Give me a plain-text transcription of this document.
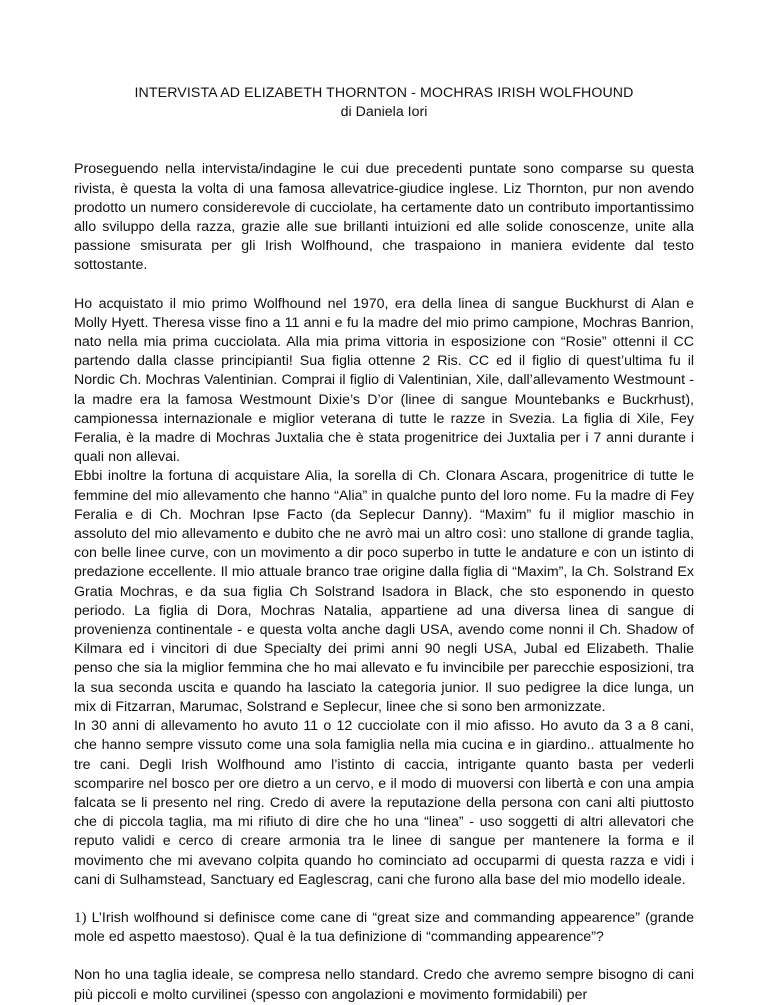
INTERVISTA AD ELIZABETH THORNTON - MOCHRAS IRISH WOLFHOUND

di Daniela Iori

Proseguendo nella intervista/indagine le cui due precedenti puntate sono comparse su questa rivista, è questa la volta di una famosa allevatrice-giudice inglese. Liz Thornton, pur non avendo prodotto un numero considerevole di cucciolate, ha certamente dato un contributo importantissimo allo sviluppo della razza, grazie alle sue brillanti intuizioni ed alle solide conoscenze, unite alla passione smisurata per gli Irish Wolfhound, che traspaiono in maniera evidente dal testo sottostante.

Ho acquistato il mio primo Wolfhound nel 1970, era della linea di sangue Buckhurst di Alan e Molly Hyett. Theresa visse fino a 11 anni e fu la madre del mio primo campione, Mochras Banrion, nato nella mia prima cucciolata. Alla mia prima vittoria in esposizione con “Rosie” ottenni il CC partendo dalla classe principianti! Sua figlia ottenne 2 Ris. CC ed il figlio di quest’ultima fu il Nordic Ch. Mochras Valentinian. Comprai il figlio di Valentinian, Xile, dall’allevamento Westmount - la madre era la famosa Westmount Dixie’s D’or (linee di sangue Mountebanks e Buckrhust), campionessa internazionale e miglior veterana di tutte le razze in Svezia. La figlia di Xile, Fey Feralia, è la madre di Mochras Juxtalia che è stata progenitrice dei Juxtalia per i 7 anni durante i quali non allevai.

Ebbi inoltre la fortuna di acquistare Alia, la sorella di Ch. Clonara Ascara, progenitrice di tutte le femmine del mio allevamento che hanno “Alia” in qualche punto del loro nome. Fu la madre di Fey Feralia e di Ch. Mochran Ipse Facto (da Seplecur Danny). “Maxim” fu il miglior maschio in assoluto del mio allevamento e dubito che ne avrò mai un altro così: uno stallone di grande taglia, con belle linee curve, con un movimento a dir poco superbo in tutte le andature e con un istinto di predazione eccellente. Il mio attuale branco trae origine dalla figlia di “Maxim”, la Ch. Solstrand Ex Gratia Mochras, e da sua figlia Ch Solstrand Isadora in Black, che sto esponendo in questo periodo. La figlia di Dora, Mochras Natalia, appartiene ad una diversa linea di sangue di provenienza continentale - e questa volta anche dagli USA, avendo come nonni il Ch. Shadow of Kilmara ed i vincitori di due Specialty dei primi anni 90 negli USA, Jubal ed Elizabeth. Thalie penso che sia la miglior femmina che ho mai allevato e fu invincibile per parecchie esposizioni, tra la sua seconda uscita e quando ha lasciato la categoria junior. Il suo pedigree la dice lunga, un mix di Fitzarran, Marumac, Solstrand e Seplecur, linee che si sono ben armonizzate.

In 30 anni di allevamento ho avuto 11 o 12 cucciolate con il mio afisso. Ho avuto da 3 a 8 cani, che hanno sempre vissuto come una sola famiglia nella mia cucina e in giardino.. attualmente ho tre cani. Degli Irish Wolfhound amo l’istinto di caccia, intrigante quanto basta per vederli scomparire nel bosco per ore dietro a un cervo, e il modo di muoversi con libertà e con una ampia falcata se li presento nel ring. Credo di avere la reputazione della persona con cani alti piuttosto che di piccola taglia, ma mi rifiuto di dire che ho una “linea” - uso soggetti di altri allevatori che reputo validi e cerco di creare armonia tra le linee di sangue per mantenere la forma e il movimento che mi avevano colpita quando ho cominciato ad occuparmi di questa razza e vidi i cani di Sulhamstead, Sanctuary ed Eaglescrag, cani che furono alla base del mio modello ideale.

1) L’Irish wolfhound si definisce come cane di “great size and commanding appearence” (grande mole ed aspetto maestoso). Qual è la tua definizione di “commanding appearence”?

Non ho una taglia ideale, se compresa nello standard. Credo che avremo sempre bisogno di cani più piccoli e molto curvilinei (spesso con angolazioni e movimento formidabili) per
